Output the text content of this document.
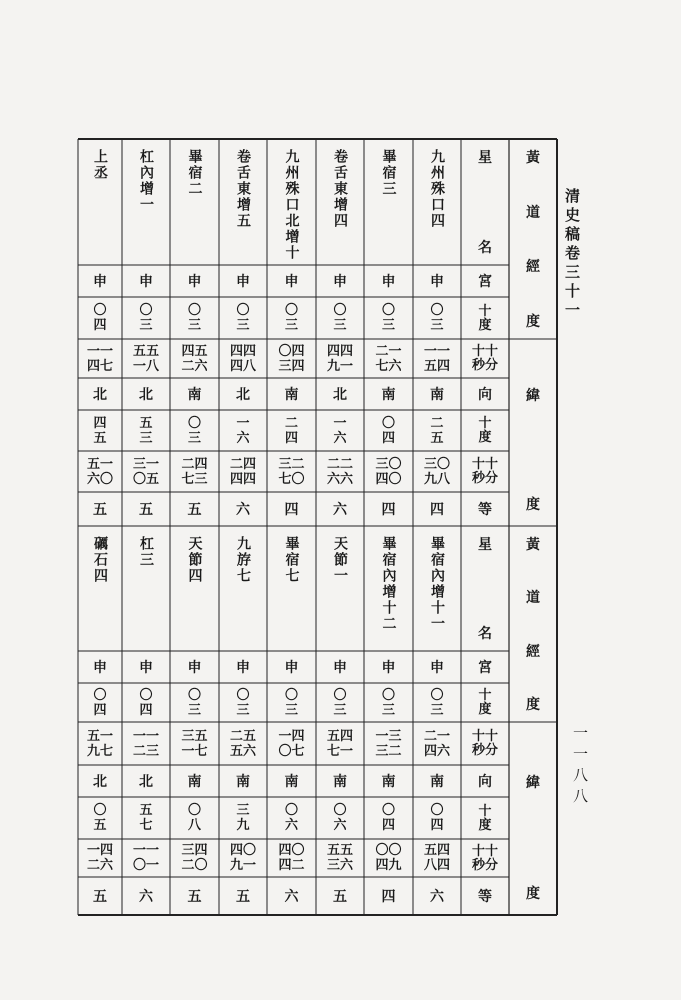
清史稿卷三十一
一一八八
黃
道
經
度
緯
度
黃
道
經
度
緯
度
星
名
宮
十
度
十十
秒分
向
十
度
十十
秒分
等
星
名
宮
十
度
十十
秒分
向
十
度
十十
秒分
等
九州殊口四
申
〇
三
一一
五四
南
二
五
三〇
九八
四
畢宿三
申
〇
三
二一
七六
南
〇
四
三〇
四〇
四
卷舌東增四
申
〇
三
四四
九一
北
一
六
二二
六六
六
九州殊口北增十
申
〇
三
〇四
三四
南
二
四
三二
七〇
四
卷舌東增五
申
〇
三
四四
四八
北
一
六
二四
四四
六
畢宿二
申
〇
三
四五
二六
南
〇
三
二四
七三
五
杠內增一
申
〇
三
五五
一八
北
五
三
三一
〇五
五
上丞
申
〇
四
一一
四七
北
四
五
五一
六〇
五
畢宿內增十一
申
〇
三
二一
四六
南
〇
四
五四
八四
六
畢宿內增十二
申
〇
三
一三
三二
南
〇
四
〇〇
四九
四
天節一
申
〇
三
五四
七一
南
〇
六
五五
三六
五
畢宿七
申
〇
三
一四
〇七
南
〇
六
四〇
四二
六
九斿七
申
〇
三
二五
五六
南
三
九
四〇
九一
五
天節四
申
〇
三
三五
一七
南
〇
八
三四
二〇
五
杠三
申
〇
四
一一
二三
北
五
七
一一
〇一
六
礪石四
申
〇
四
五一
九七
北
〇
五
一四
二六
五
